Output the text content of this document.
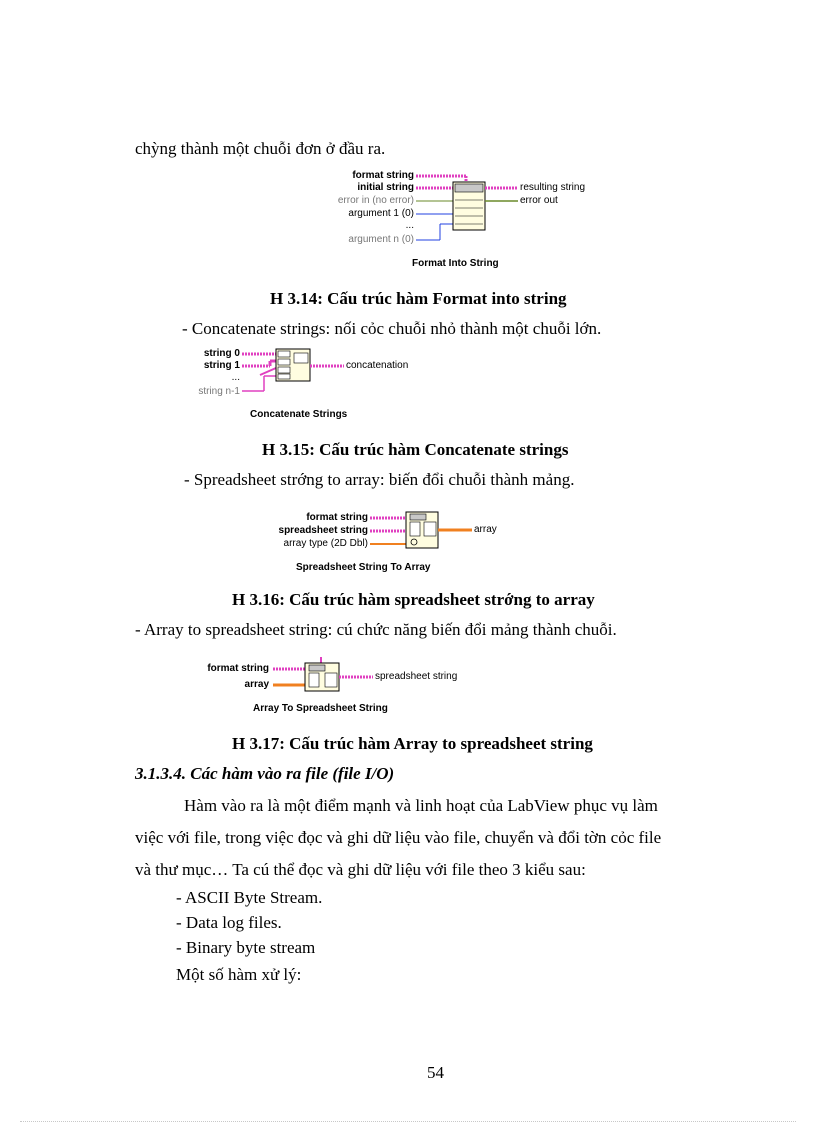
chỳng thành một chuỗi đơn ở đầu ra.
format string
initial string
error in (no error)
argument 1 (0)
...
argument n (0)
resulting string
error out
Format Into String
H 3.14: Cấu trúc hàm Format into string
- Concatenate strings: nối cỏc chuỗi nhỏ thành một chuỗi lớn.
string 0
string 1
...
string n-1
concatenation
Concatenate Strings
H 3.15: Cấu trúc hàm Concatenate strings
- Spreadsheet strớng to array: biến đổi chuỗi thành mảng.
format string
spreadsheet string
array type (2D Dbl)
array
Spreadsheet String To Array
H 3.16: Cấu trúc hàm spreadsheet strớng to array
- Array to spreadsheet string: cú chức năng biến đổi mảng thành chuỗi.
format string
array
spreadsheet string
Array To Spreadsheet String
H 3.17: Cấu trúc hàm Array to spreadsheet string
3.1.3.4. Các hàm vào ra file (file I/O)
Hàm vào ra là một điểm mạnh và linh hoạt của LabView phục vụ làm
việc với file, trong việc đọc và ghi dữ liệu vào file, chuyển và đổi tờn cỏc file
và thư mục… Ta cú thể đọc và ghi dữ liệu với file theo 3 kiểu sau:
- ASCII Byte Stream.
- Data log files.
- Binary byte stream
Một số hàm xử lý:
54
